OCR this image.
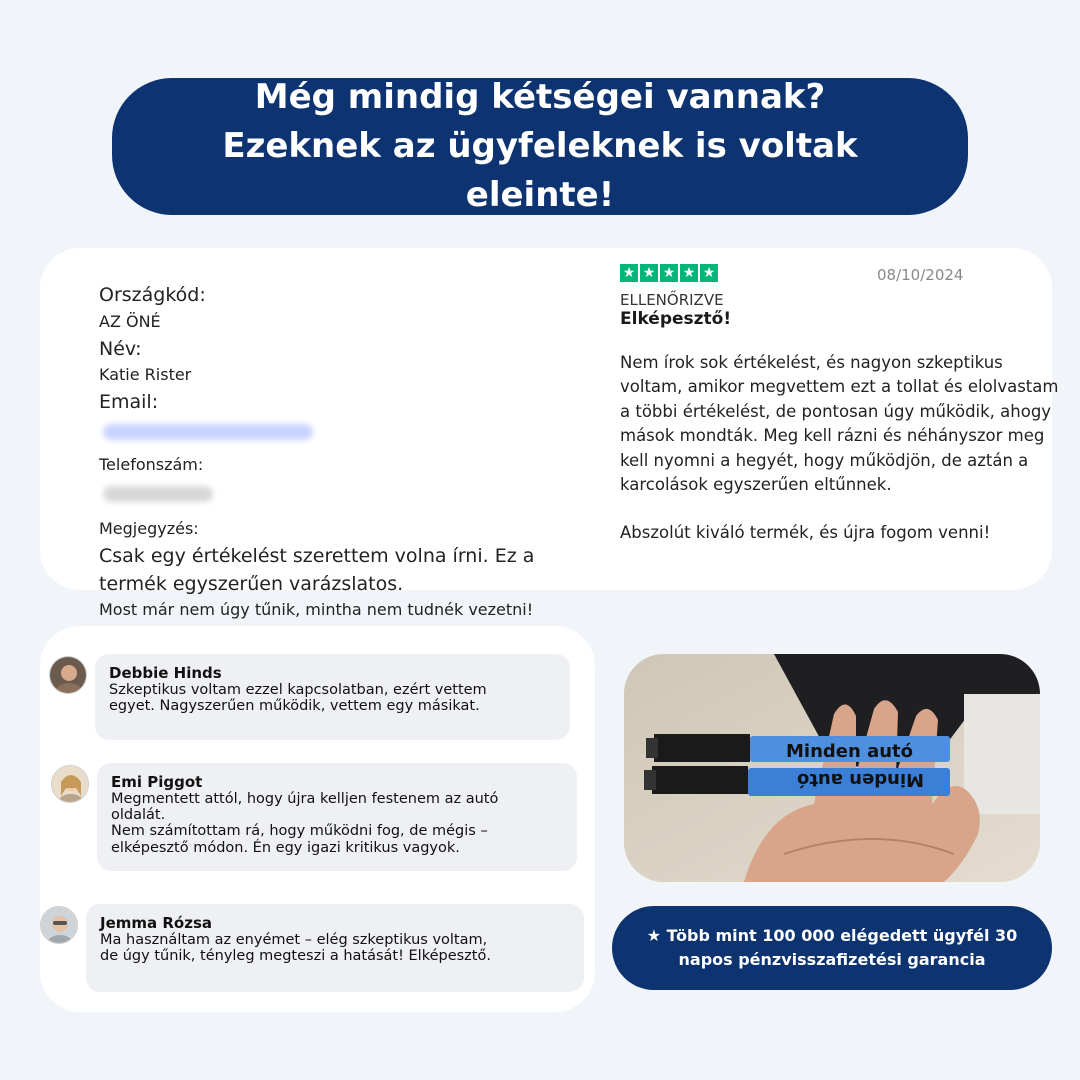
Még mindig kétségei vannak? Ezeknek az ügyfeleknek is voltak eleinte!
Országkód:
AZ ÖNÉ
Név:
Katie Rister
Email:
Telefonszám:
Megjegyzés:
Csak egy értékelést szerettem volna írni. Ez a termék egyszerűen varázslatos.
Most már nem úgy tűnik, mintha nem tudnék vezetni!
★ ★ ★ ★ ★	08/10/2024
ELLENŐRIZVE
Elképesztő!

Nem írok sok értékelést, és nagyon szkeptikus voltam, amikor megvettem ezt a tollat és elolvastam a többi értékelést, de pontosan úgy működik, ahogy mások mondták. Meg kell rázni és néhányszor meg kell nyomni a hegyét, hogy működjön, de aztán a karcolások egyszerűen eltűnnek.

Abszolút kiváló termék, és újra fogom venni!

Debbie Hinds
Szkeptikus voltam ezzel kapcsolatban, ezért vettem
egyet. Nagyszerűen működik, vettem egy másikat.
Emi Piggot
Megmentett attól, hogy újra kelljen festenem az autó
oldalát.
Nem számítottam rá, hogy működni fog, de mégis –
elképesztő módon. Én egy igazi kritikus vagyok.
Jemma Rózsa
Ma használtam az enyémet – elég szkeptikus voltam,
de úgy tűnik, tényleg megteszi a hatását! Elképesztő.
Minden autó
Minden autó
★ Több mint 100 000 elégedett ügyfél 30 napos pénzvisszafizetési garancia
